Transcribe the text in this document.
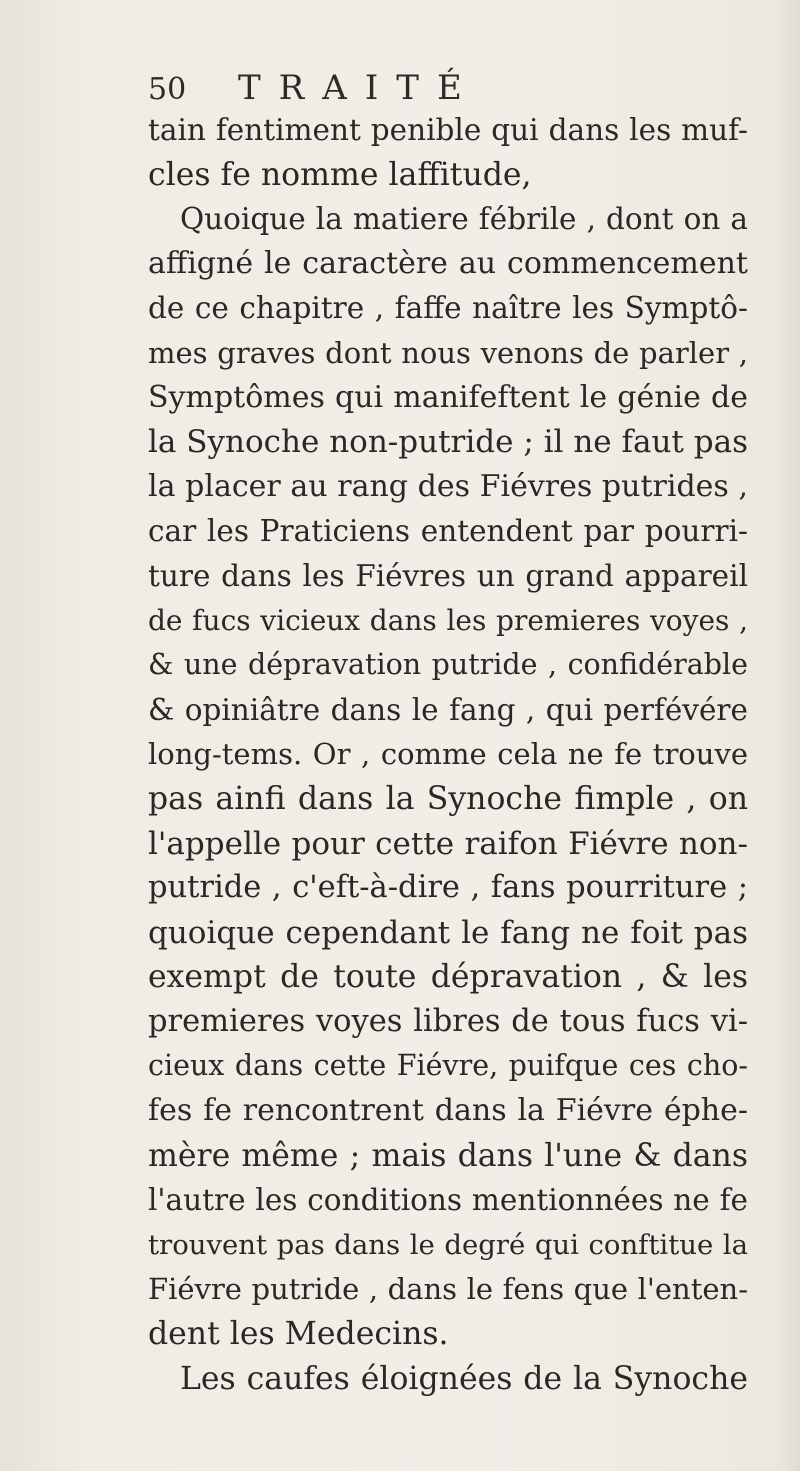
50 TRAITÉ
tain fentiment penible qui dans les muf-
cles fe nomme laffitude,
Quoique la matiere fébrile , dont on a
affigné le caractère au commencement
de ce chapitre , faffe naître les Symptô-
mes graves dont nous venons de parler ,
Symptômes qui manifeftent le génie de
la Synoche non-putride ; il ne faut pas
la placer au rang des Fiévres putrides ,
car les Praticiens entendent par pourri-
ture dans les Fiévres un grand appareil
de fucs vicieux dans les premieres voyes ,
& une dépravation putride , confidérable
& opiniâtre dans le fang , qui perfévére
long-tems. Or , comme cela ne fe trouve
pas ainfi dans la Synoche fimple , on
l'appelle pour cette raifon Fiévre non-
putride , c'eft-à-dire , fans pourriture ;
quoique cependant le fang ne foit pas
exempt de toute dépravation , & les
premieres voyes libres de tous fucs vi-
cieux dans cette Fiévre, puifque ces cho-
fes fe rencontrent dans la Fiévre éphe-
mère même ; mais dans l'une & dans
l'autre les conditions mentionnées ne fe
trouvent pas dans le degré qui conftitue la
Fiévre putride , dans le fens que l'enten-
dent les Medecins.
Les caufes éloignées de la Synoche
